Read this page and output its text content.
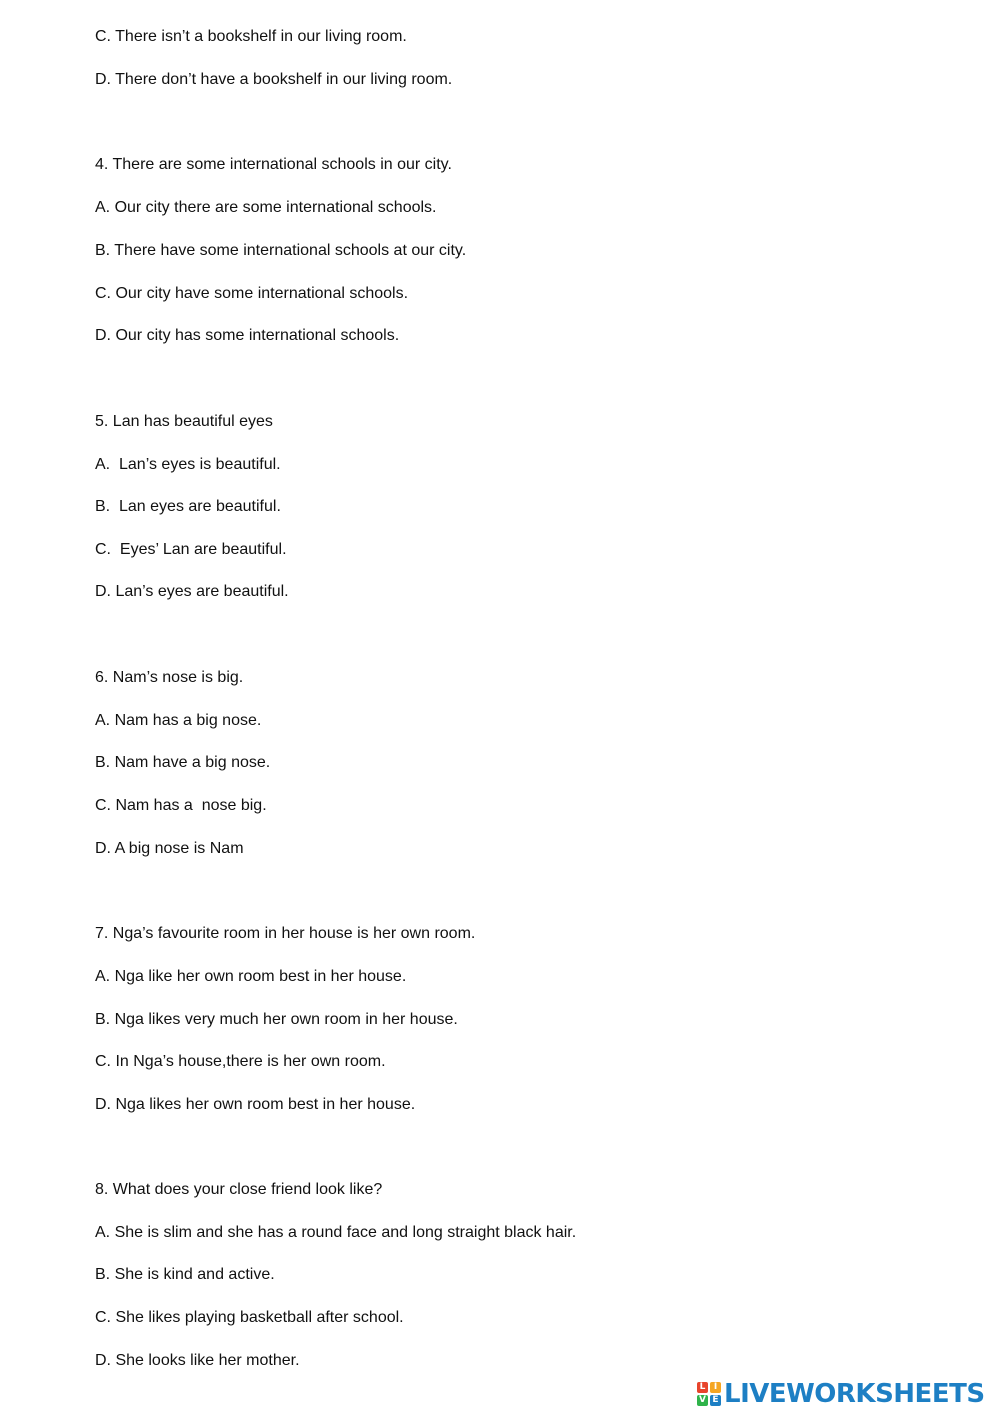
C. There isn’t a bookshelf in our living room.
D. There don’t have a bookshelf in our living room.
4. There are some international schools in our city.
A. Our city there are some international schools.
B. There have some international schools at our city.
C. Our city have some international schools.
D. Our city has some international schools.
5. Lan has beautiful eyes
A.  Lan’s eyes is beautiful.
B.  Lan eyes are beautiful.
C.  Eyes’ Lan are beautiful.
D. Lan’s eyes are beautiful.
6. Nam’s nose is big.
A. Nam has a big nose.
B. Nam have a big nose.
C. Nam has a  nose big.
D. A big nose is Nam
7. Nga’s favourite room in her house is her own room.
A. Nga like her own room best in her house.
B. Nga likes very much her own room in her house.
C. In Nga’s house,there is her own room.
D. Nga likes her own room best in her house.
8. What does your close friend look like?
A. She is slim and she has a round face and long straight black hair.
B. She is kind and active.
C. She likes playing basketball after school.
D. She looks like her mother.
L I
V E LIVEWORKSHEETS
